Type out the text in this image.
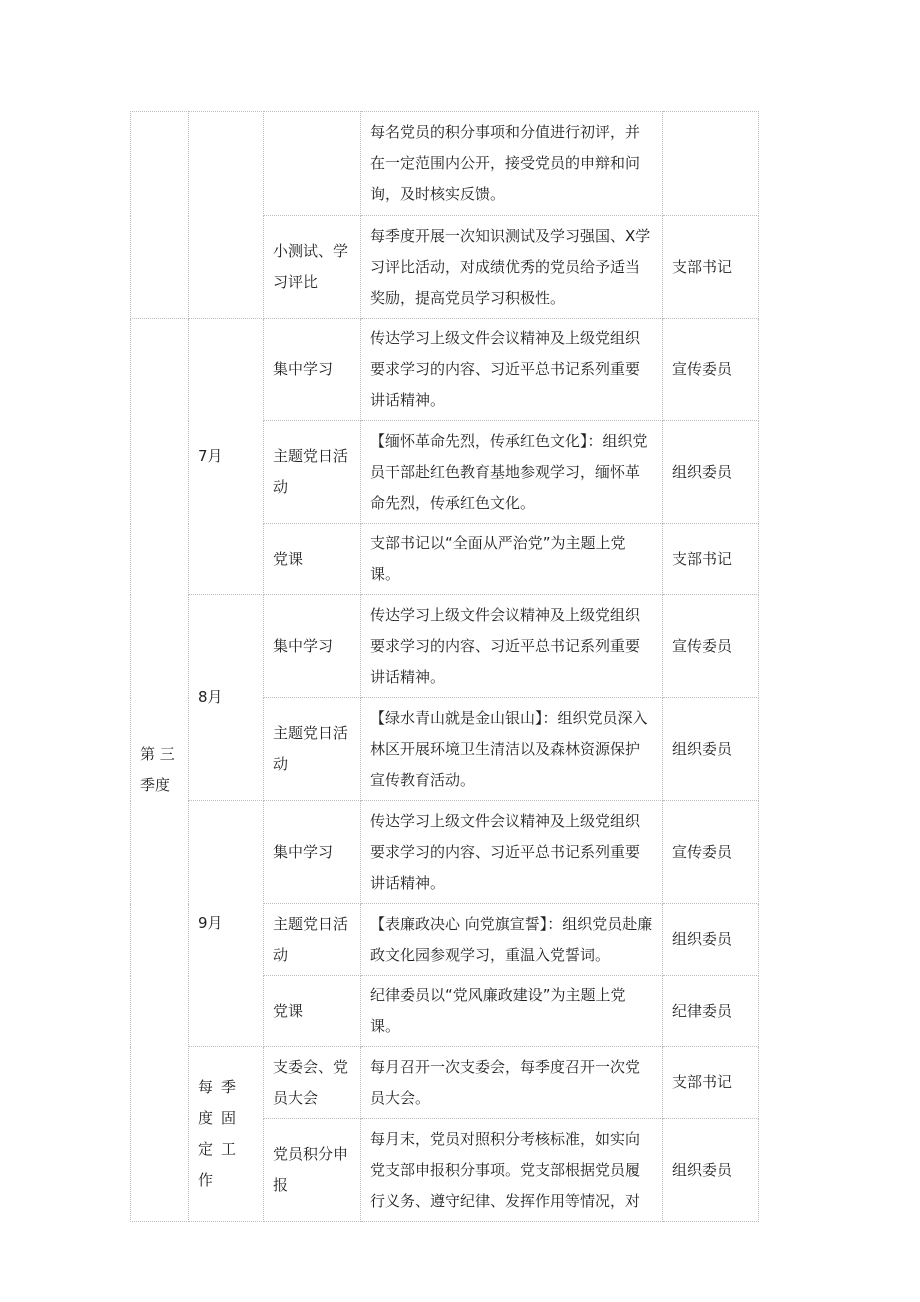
			每名党员的积分事项和分值进行初评，并在一定范围内公开，接受党员的申辩和问询，及时核实反馈。	
		小测试、学习评比	每季度开展一次知识测试及学习强国、X学习评比活动，对成绩优秀的党员给予适当奖励，提高党员学习积极性。	支部书记
第 三 季度	7月	集中学习	传达学习上级文件会议精神及上级党组织要求学习的内容、习近平总书记系列重要讲话精神。	宣传委员
		主题党日活动	【缅怀革命先烈，传承红色文化】：组织党员干部赴红色教育基地参观学习，缅怀革命先烈，传承红色文化。	组织委员
		党课	支部书记以“全面从严治党”为主题上党课。	支部书记
	8月	集中学习	传达学习上级文件会议精神及上级党组织要求学习的内容、习近平总书记系列重要讲话精神。	宣传委员
		主题党日活动	【绿水青山就是金山银山】：组织党员深入林区开展环境卫生清洁以及森林资源保护宣传教育活动。	组织委员
	9月	集中学习	传达学习上级文件会议精神及上级党组织要求学习的内容、习近平总书记系列重要讲话精神。	宣传委员
		主题党日活动	【表廉政决心 向党旗宣誓】：组织党员赴廉政文化园参观学习，重温入党誓词。	组织委员
		党课	纪律委员以“党风廉政建设”为主题上党课。	纪律委员
	每季度固定工作	支委会、党员大会	每月召开一次支委会，每季度召开一次党员大会。	支部书记
		党员积分申报	每月末，党员对照积分考核标准，如实向党支部申报积分事项。党支部根据党员履行义务、遵守纪律、发挥作用等情况，对	组织委员
